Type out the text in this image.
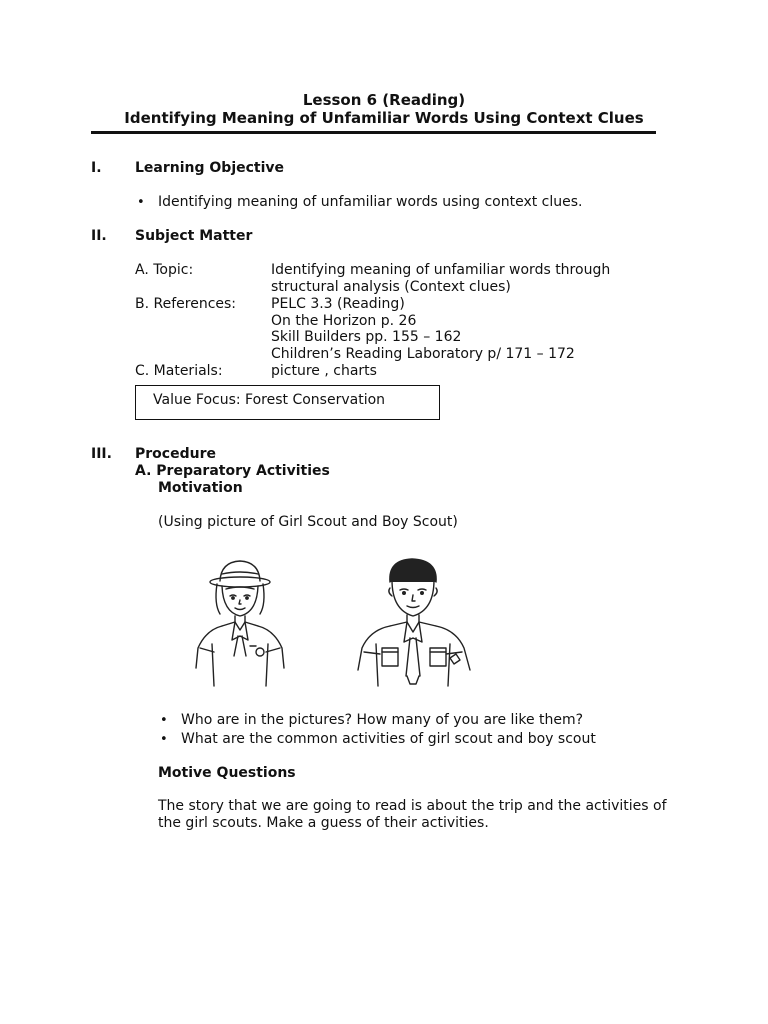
Lesson 6 (Reading)
Identifying Meaning of Unfamiliar Words Using Context Clues
I. Learning Objective
• Identifying meaning of unfamiliar words using context clues.
II. Subject Matter
A. Topic:	Identifying meaning of unfamiliar words through
structural analysis (Context clues)
B. References: PELC 3.3 (Reading)
On the Horizon p. 26
Skill Builders pp. 155 – 162
Children’s Reading Laboratory p/ 171 – 172
C. Materials:	picture , charts
Value Focus: Forest Conservation
III. Procedure
A. Preparatory Activities
Motivation
(Using picture of Girl Scout and Boy Scout)
• Who are in the pictures? How many of you are like them?
• What are the common activities of girl scout and boy scout
Motive Questions

The story that we are going to read is about the trip and the activities of the girl scouts. Make a guess of their activities.
